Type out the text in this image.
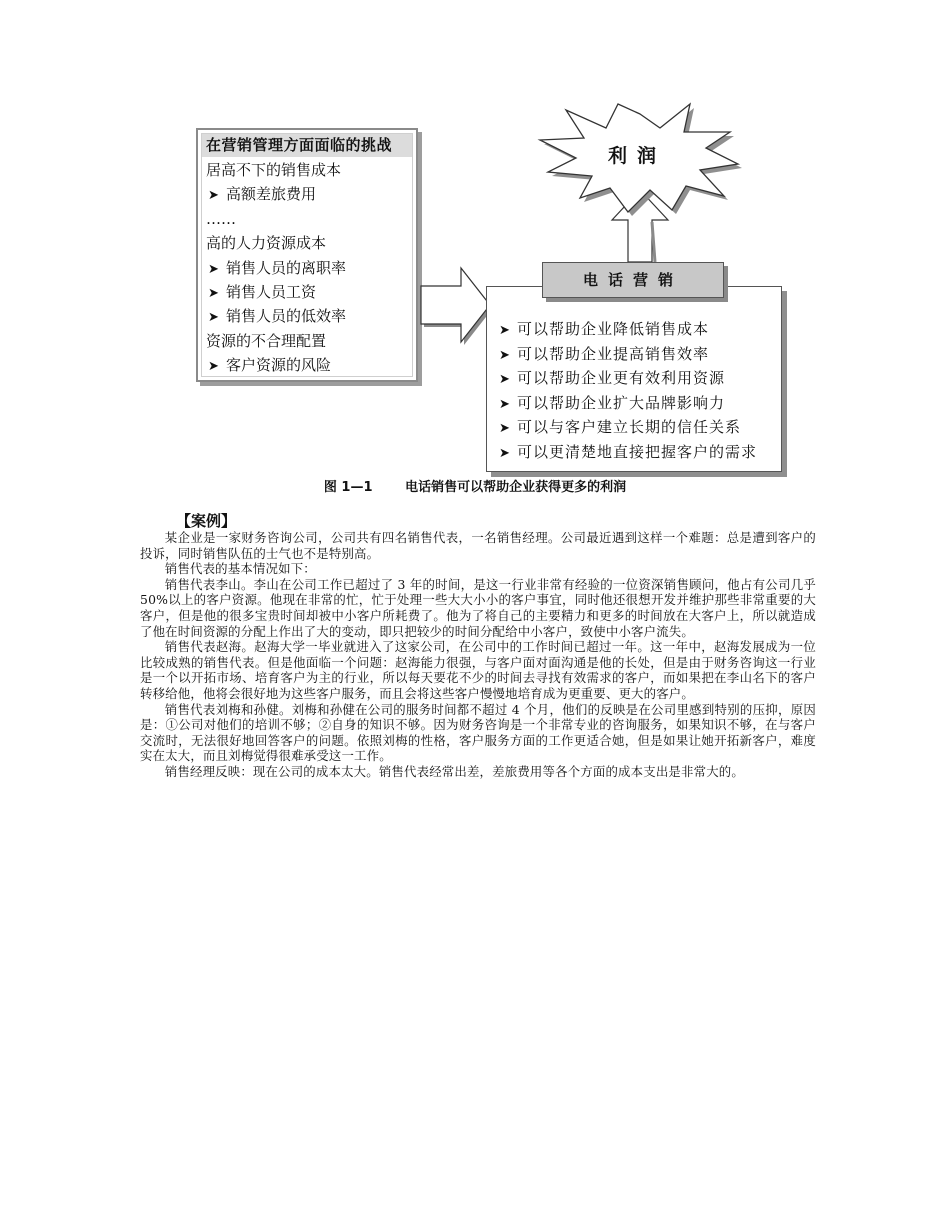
在营销管理方面面临的挑战
居高不下的销售成本
➤ 高额差旅费用
……
高的人力资源成本
➤ 销售人员的离职率
➤ 销售人员工资
➤ 销售人员的低效率
资源的不合理配置
➤ 客户资源的风险
利润
➤ 可以帮助企业降低销售成本
➤ 可以帮助企业提高销售效率
➤ 可以帮助企业更有效利用资源
➤ 可以帮助企业扩大品牌影响力
➤ 可以与客户建立长期的信任关系
➤ 可以更清楚地直接把握客户的需求
电话营销
图 1—1	电话销售可以帮助企业获得更多的利润
【案例】

某企业是一家财务咨询公司，公司共有四名销售代表，一名销售经理。公司最近遇到这样一个难题：总是遭到客户的投诉，同时销售队伍的士气也不是特别高。

销售代表的基本情况如下：

销售代表李山。李山在公司工作已超过了 3 年的时间，是这一行业非常有经验的一位资深销售顾问，他占有公司几乎 50%以上的客户资源。他现在非常的忙，忙于处理一些大大小小的客户事宜，同时他还很想开发并维护那些非常重要的大客户，但是他的很多宝贵时间却被中小客户所耗费了。他为了将自己的主要精力和更多的时间放在大客户上，所以就造成了他在时间资源的分配上作出了大的变动，即只把较少的时间分配给中小客户，致使中小客户流失。

销售代表赵海。赵海大学一毕业就进入了这家公司，在公司中的工作时间已超过一年。这一年中，赵海发展成为一位比较成熟的销售代表。但是他面临一个问题：赵海能力很强，与客户面对面沟通是他的长处，但是由于财务咨询这一行业是一个以开拓市场、培育客户为主的行业，所以每天要花不少的时间去寻找有效需求的客户，而如果把在李山名下的客户转移给他，他将会很好地为这些客户服务，而且会将这些客户慢慢地培育成为更重要、更大的客户。

销售代表刘梅和孙健。刘梅和孙健在公司的服务时间都不超过 4 个月，他们的反映是在公司里感到特别的压抑，原因是：①公司对他们的培训不够；②自身的知识不够。因为财务咨询是一个非常专业的咨询服务，如果知识不够，在与客户交流时，无法很好地回答客户的问题。依照刘梅的性格，客户服务方面的工作更适合她，但是如果让她开拓新客户，难度实在太大，而且刘梅觉得很难承受这一工作。

销售经理反映：现在公司的成本太大。销售代表经常出差，差旅费用等各个方面的成本支出是非常大的。
